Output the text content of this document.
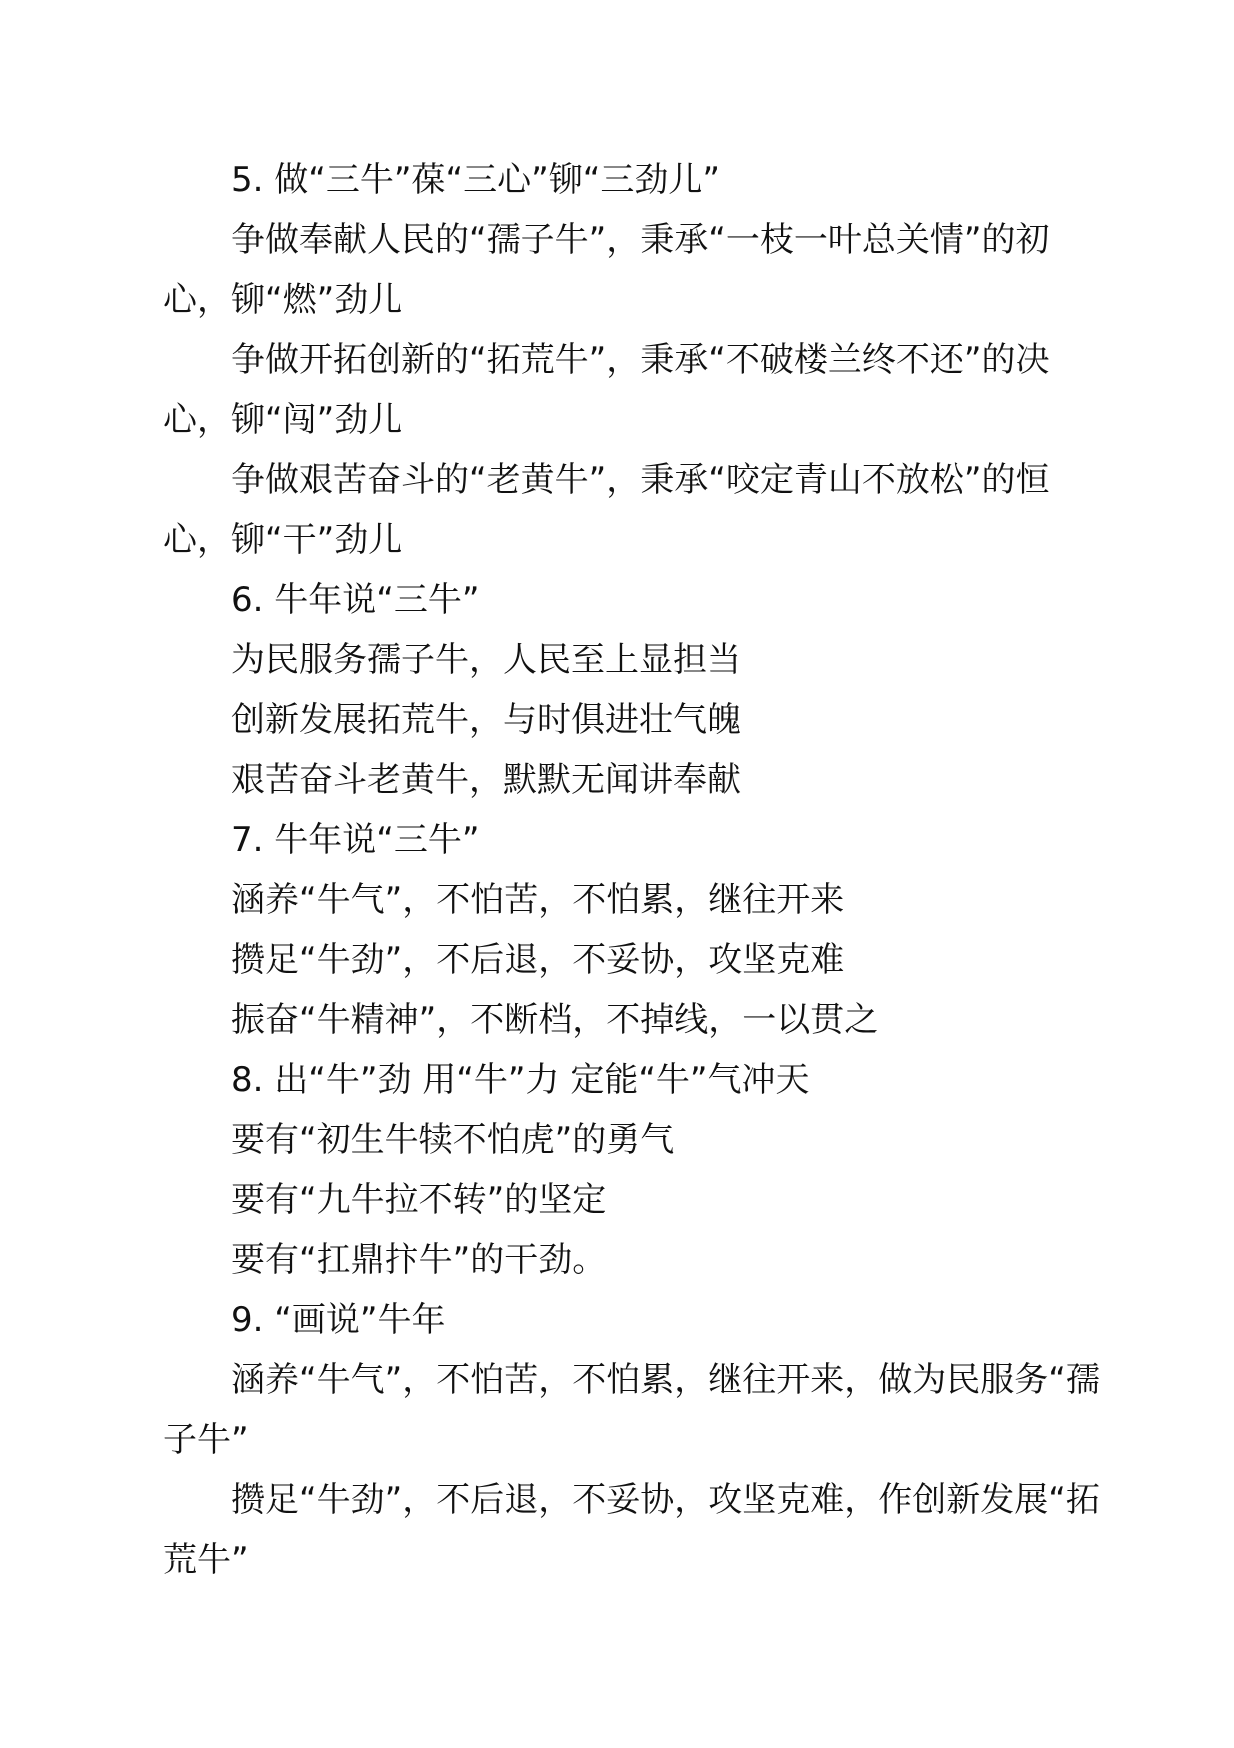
5. 做“三牛”葆“三心”铆“三劲儿”

争做奉献人民的“孺子牛”，秉承“一枝一叶总关情”的初心，铆“燃”劲儿

争做开拓创新的“拓荒牛”，秉承“不破楼兰终不还”的决心，铆“闯”劲儿

争做艰苦奋斗的“老黄牛”，秉承“咬定青山不放松”的恒心，铆“干”劲儿

6. 牛年说“三牛”

为民服务孺子牛，人民至上显担当

创新发展拓荒牛，与时俱进壮气魄

艰苦奋斗老黄牛，默默无闻讲奉献

7. 牛年说“三牛”

涵养“牛气”，不怕苦，不怕累，继往开来

攒足“牛劲”，不后退，不妥协，攻坚克难

振奋“牛精神”，不断档，不掉线，一以贯之

8. 出“牛”劲 用“牛”力 定能“牛”气冲天

要有“初生牛犊不怕虎”的勇气

要有“九牛拉不转”的坚定

要有“扛鼎抃牛”的干劲。

9. “画说”牛年

涵养“牛气”，不怕苦，不怕累，继往开来，做为民服务“孺子牛”

攒足“牛劲”，不后退，不妥协，攻坚克难，作创新发展“拓荒牛”
